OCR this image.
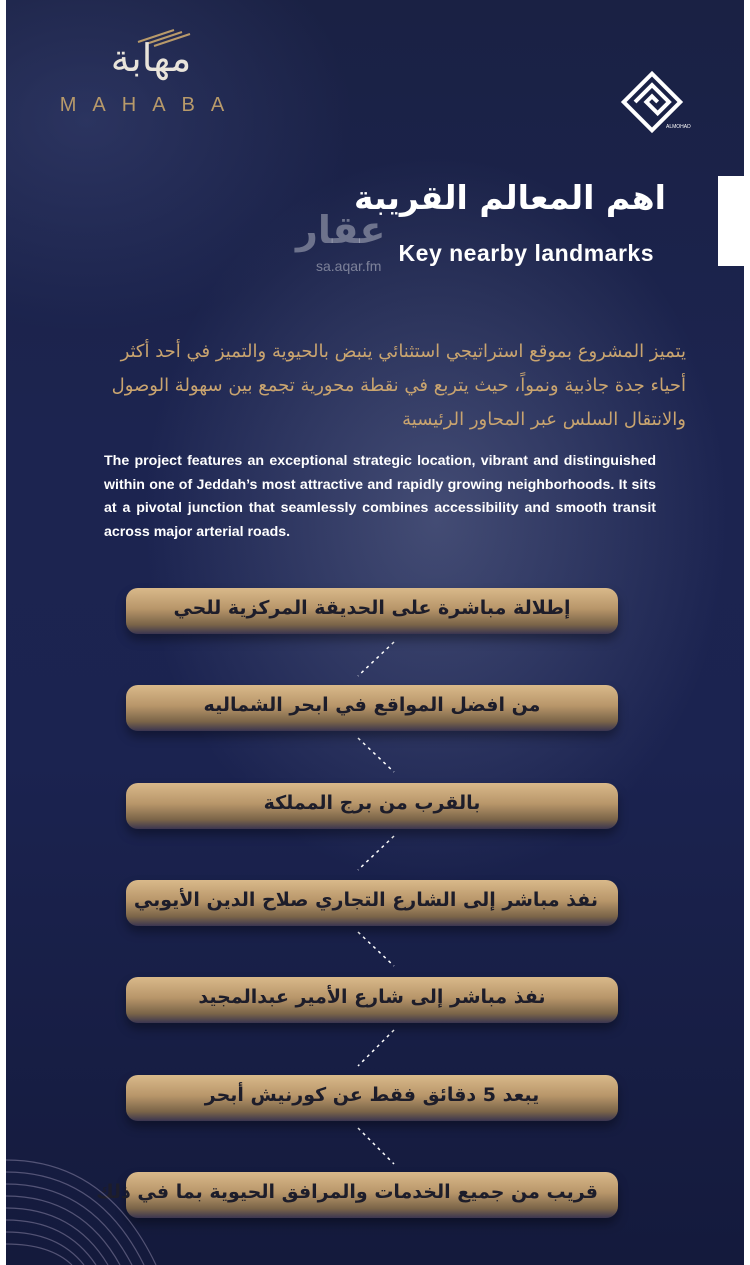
مهابة
MAHABA
ALMOHAD
عقار
sa.aqar.fm
اهم المعالم القريبة
Key nearby landmarks
يتميز المشروع بموقع استراتيجي استثنائي ينبض بالحيوية والتميز في أحد أكثر أحياء جدة جاذبية ونمواً، حيث يتربع في نقطة محورية تجمع بين سهولة الوصول والانتقال السلس عبر المحاور الرئيسية
The project features an exceptional strategic location, vibrant and distinguished within one of Jeddah’s most attractive and rapidly growing neighborhoods. It sits at a pivotal junction that seamlessly combines accessibility and smooth transit across major arterial roads.
إطلالة مباشرة على الحديقة المركزية للحي
من افضل المواقع في ابحر الشماليه
بالقرب من برج المملكة
نفذ مباشر إلى الشارع التجاري صلاح الدين الأيوبي
نفذ مباشر إلى شارع الأمير عبدالمجيد
يبعد 5 دقائق فقط عن كورنيش أبحر
قريب من جميع الخدمات والمرافق الحيوية بما في ذلك
